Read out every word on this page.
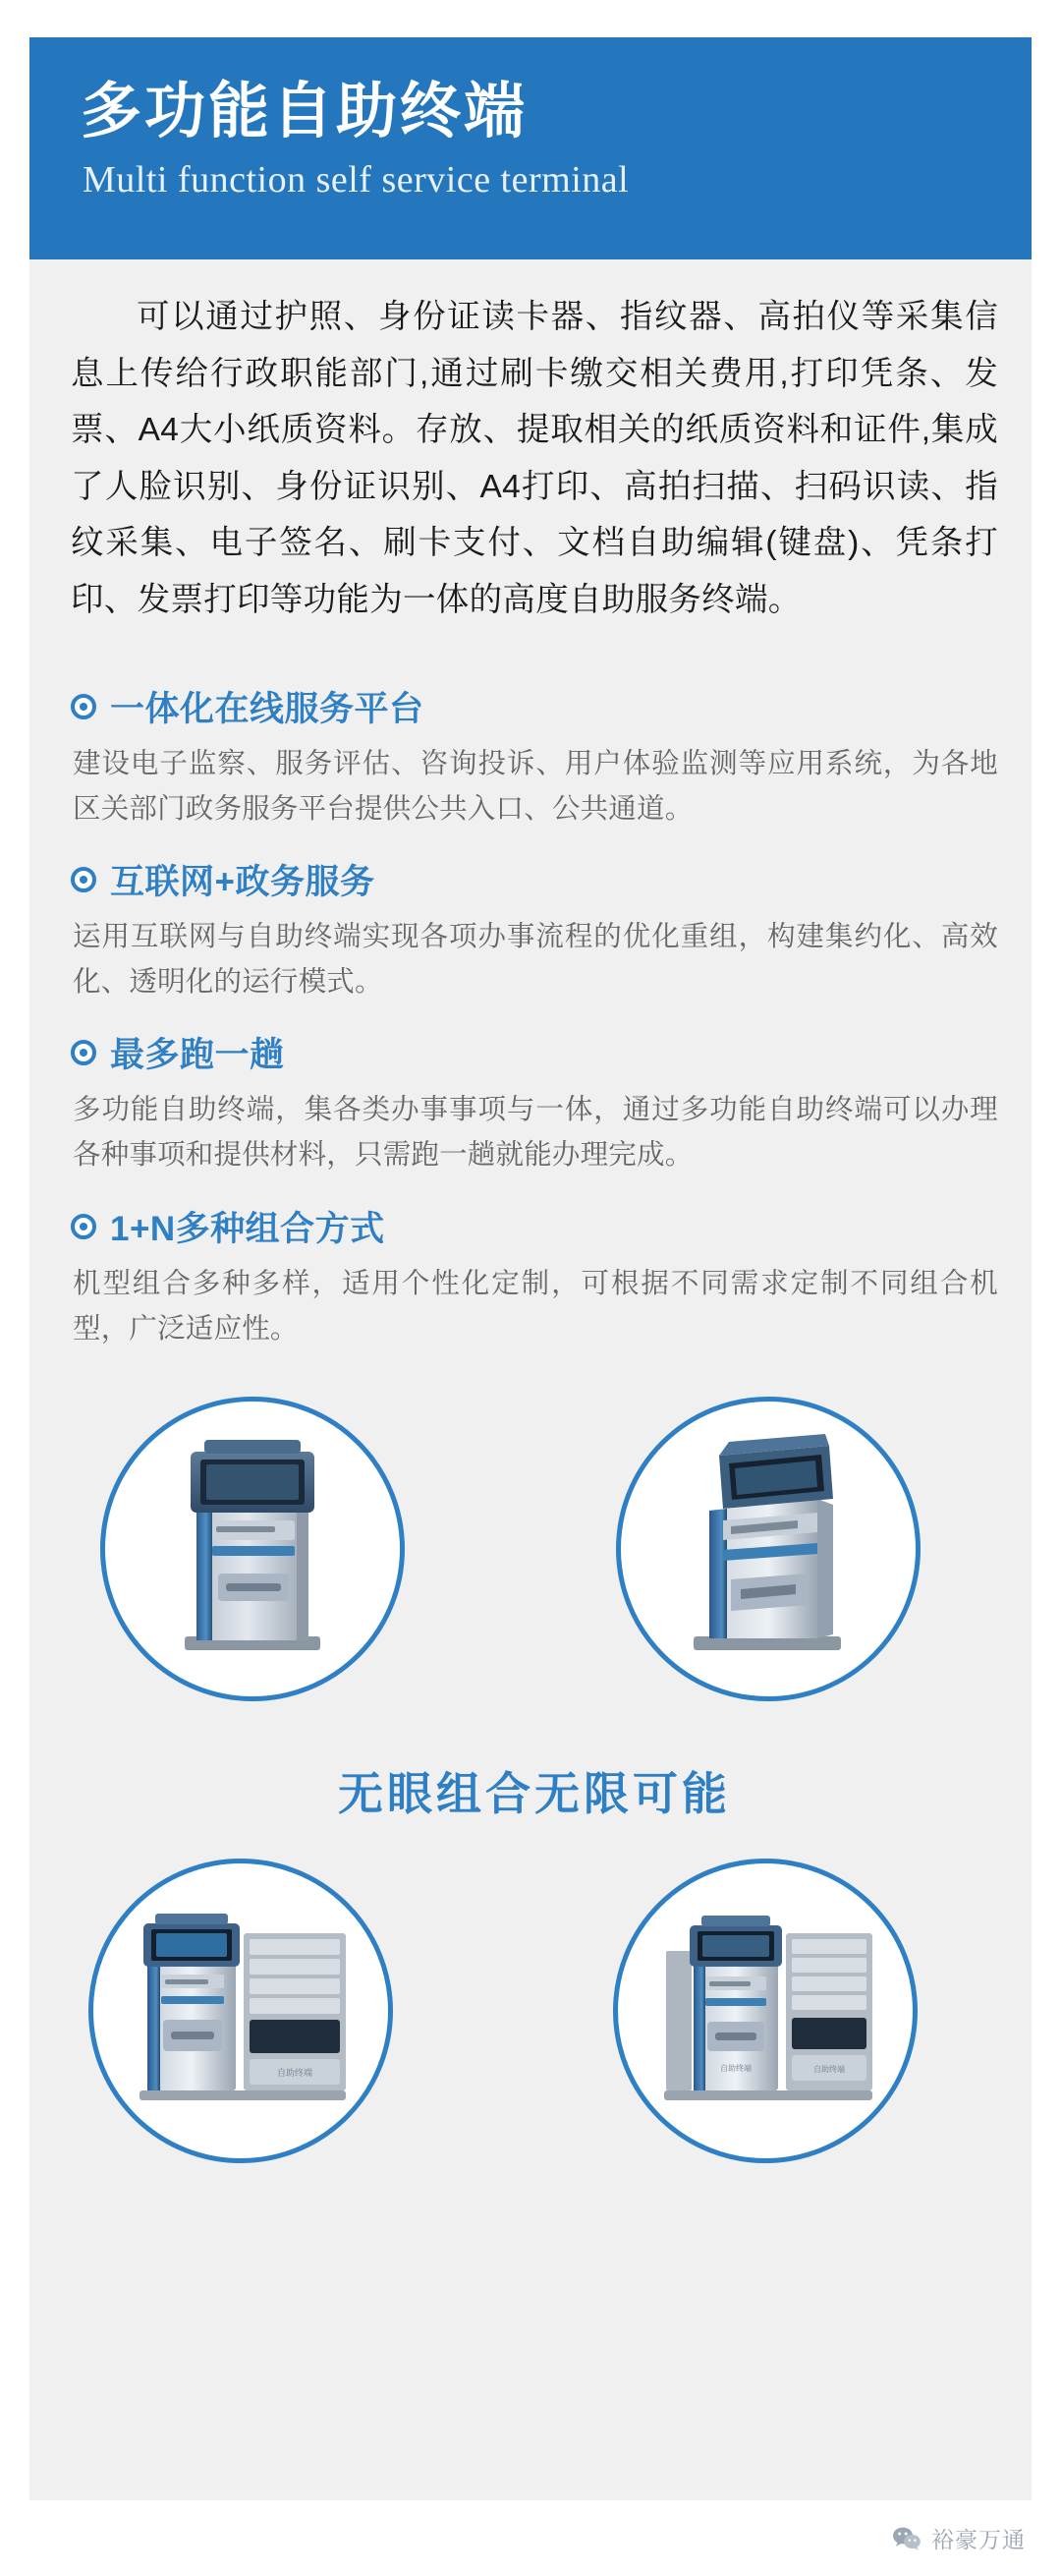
多功能自助终端
Multi function self service terminal

可以通过护照、身份证读卡器、指纹器、高拍仪等采集信息上传给行政职能部门,通过刷卡缴交相关费用,打印凭条、发票、A4大小纸质资料。存放、提取相关的纸质资料和证件,集成了人脸识别、身份证识别、A4打印、高拍扫描、扫码识读、指纹采集、电子签名、刷卡支付、文档自助编辑(键盘)、凭条打印、发票打印等功能为一体的高度自助服务终端。

一体化在线服务平台

建设电子监察、服务评估、咨询投诉、用户体验监测等应用系统，为各地区关部门政务服务平台提供公共入口、公共通道。

互联网+政务服务

运用互联网与自助终端实现各项办事流程的优化重组，构建集约化、高效化、透明化的运行模式。

最多跑一趟

多功能自助终端，集各类办事事项与一体，通过多功能自助终端可以办理各种事项和提供材料，只需跑一趟就能办理完成。

1+N多种组合方式

机型组合多种多样，适用个性化定制，可根据不同需求定制不同组合机型，广泛适应性。

无眼组合无限可能
自助终端	自助终端	自助终端
裕豪万通
